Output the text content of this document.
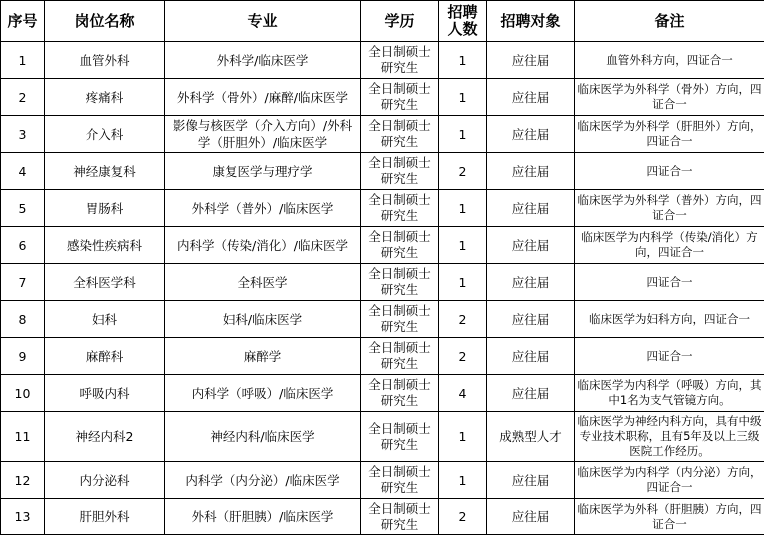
序号	岗位名称	专业	学历	招聘人数	招聘对象	备注
1	血管外科	外科学/临床医学	全日制硕士研究生	1	应往届	血管外科方向，四证合一
2	疼痛科	外科学（骨外）/麻醉/临床医学	全日制硕士研究生	1	应往届	临床医学为外科学（骨外）方向，四证合一
3	介入科	影像与核医学（介入方向）/外科学（肝胆外）/临床医学	全日制硕士研究生	1	应往届	临床医学为外科学（肝胆外）方向，四证合一
4	神经康复科	康复医学与理疗学	全日制硕士研究生	2	应往届	四证合一
5	胃肠科	外科学（普外）/临床医学	全日制硕士研究生	1	应往届	临床医学为外科学（普外）方向，四证合一
6	感染性疾病科	内科学（传染/消化）/临床医学	全日制硕士研究生	1	应往届	临床医学为内科学（传染/消化）方向，四证合一
7	全科医学科	全科医学	全日制硕士研究生	1	应往届	四证合一
8	妇科	妇科/临床医学	全日制硕士研究生	2	应往届	临床医学为妇科方向，四证合一
9	麻醉科	麻醉学	全日制硕士研究生	2	应往届	四证合一
10	呼吸内科	内科学（呼吸）/临床医学	全日制硕士研究生	4	应往届	临床医学为内科学（呼吸）方向，其中1名为支气管镜方向。
11	神经内科2	神经内科/临床医学	全日制硕士研究生	1	成熟型人才	临床医学为神经内科方向，具有中级专业技术职称，且有5年及以上三级医院工作经历。
12	内分泌科	内科学（内分泌）/临床医学	全日制硕士研究生	1	应往届	临床医学为内科学（内分泌）方向，四证合一
13	肝胆外科	外科（肝胆胰）/临床医学	全日制硕士研究生	2	应往届	临床医学为外科（肝胆胰）方向，四证合一
